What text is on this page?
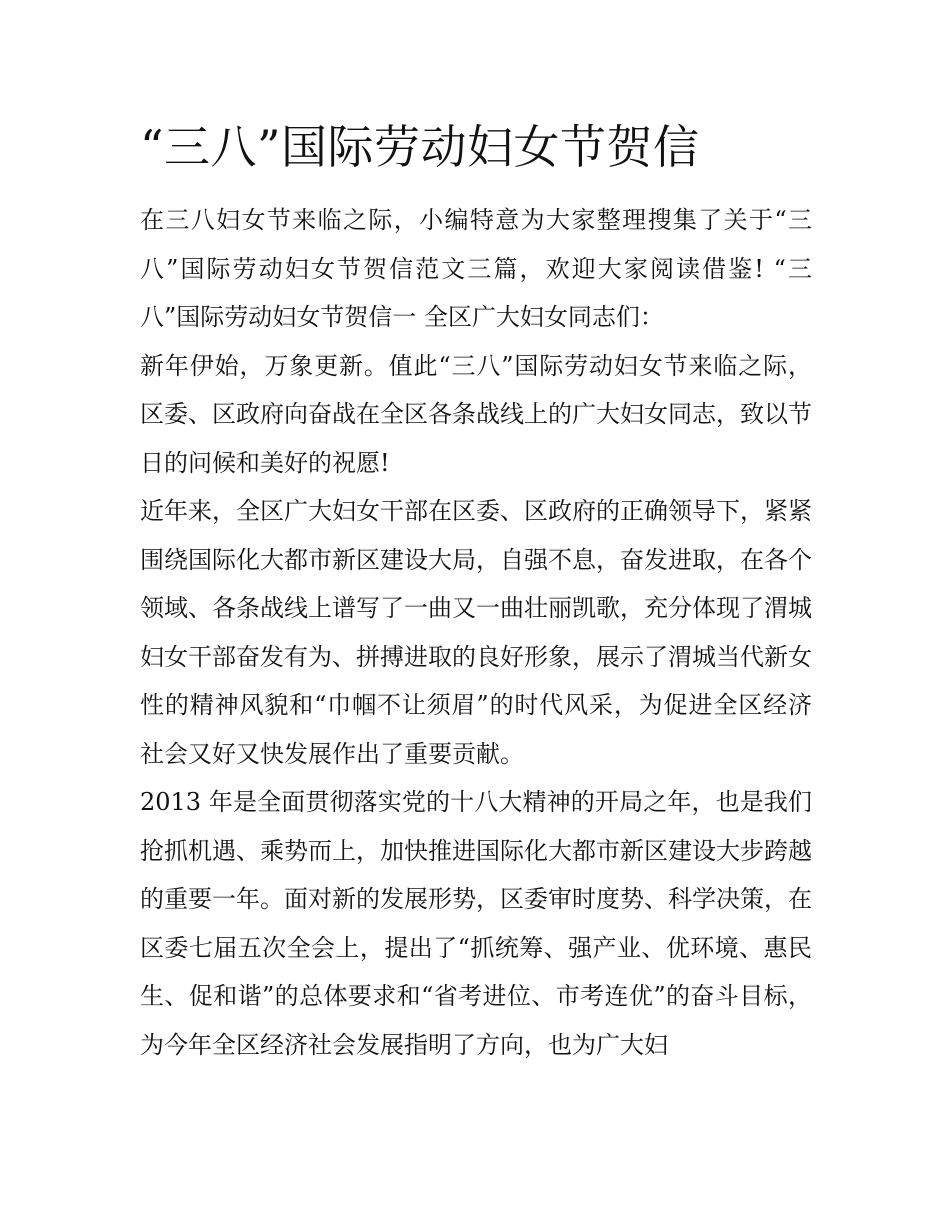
“三八”国际劳动妇女节贺信

在三八妇女节来临之际，小编特意为大家整理搜集了关于“三八”国际劳动妇女节贺信范文三篇，欢迎大家阅读借鉴! “三八”国际劳动妇女节贺信一 全区广大妇女同志们：

新年伊始，万象更新。值此“三八”国际劳动妇女节来临之际，区委、区政府向奋战在全区各条战线上的广大妇女同志，致以节日的问候和美好的祝愿!

近年来，全区广大妇女干部在区委、区政府的正确领导下，紧紧围绕国际化大都市新区建设大局，自强不息，奋发进取，在各个领域、各条战线上谱写了一曲又一曲壮丽凯歌，充分体现了渭城妇女干部奋发有为、拼搏进取的良好形象，展示了渭城当代新女性的精神风貌和“巾帼不让须眉”的时代风采，为促进全区经济社会又好又快发展作出了重要贡献。

2013 年是全面贯彻落实党的十八大精神的开局之年，也是我们抢抓机遇、乘势而上，加快推进国际化大都市新区建设大步跨越的重要一年。面对新的发展形势，区委审时度势、科学决策，在区委七届五次全会上，提出了“抓统筹、强产业、优环境、惠民生、促和谐”的总体要求和“省考进位、市考连优”的奋斗目标，为今年全区经济社会发展指明了方向，也为广大妇
